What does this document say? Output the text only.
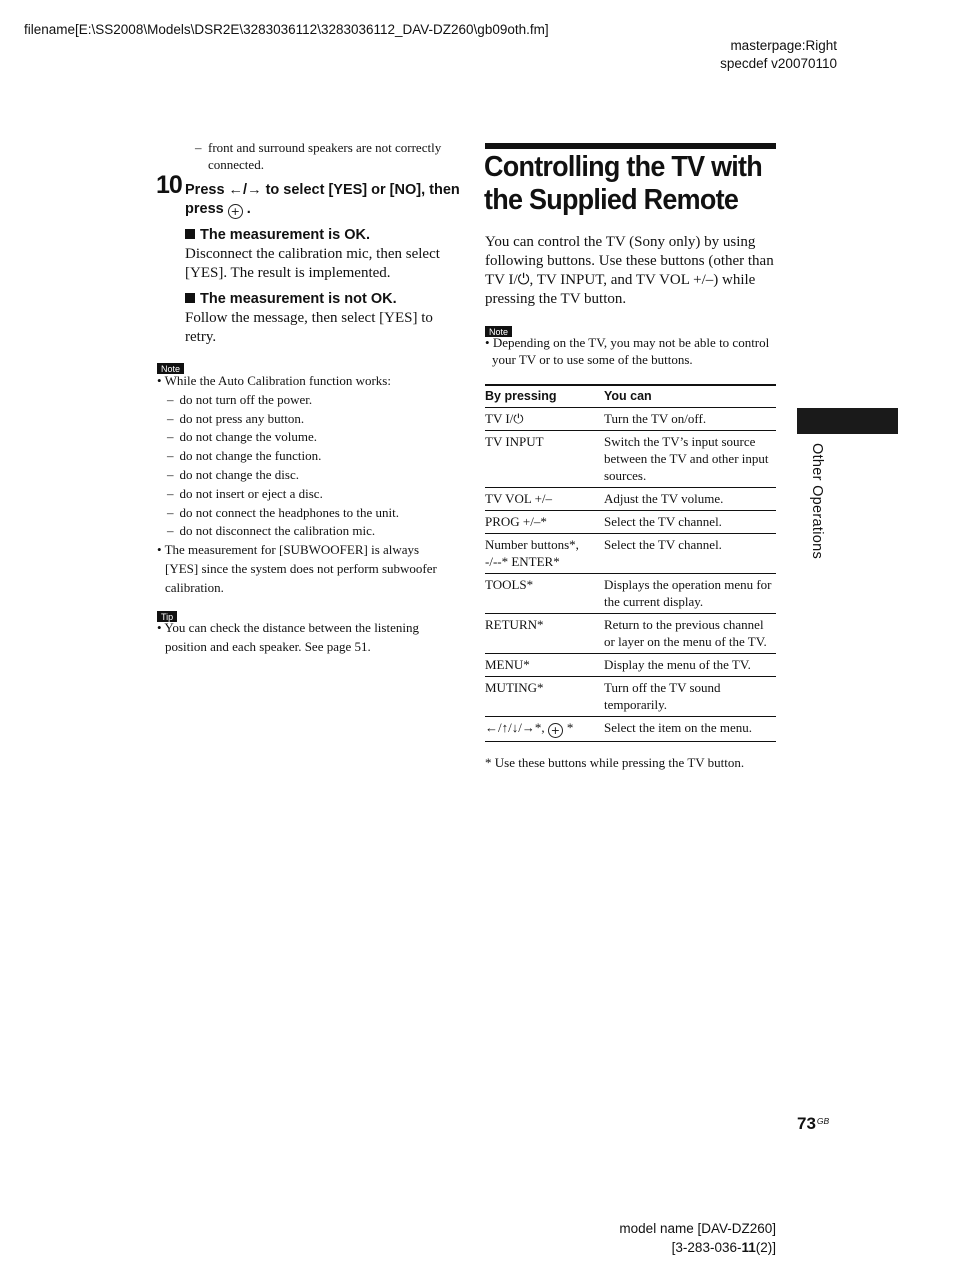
filename[E:\SS2008\Models\DSR2E\3283036112\3283036112_DAV-DZ260\gb09oth.fm]
masterpage:Right
specdef v20070110
– front and surround speakers are not correctly
connected.
10 Press ←/→ to select [YES] or [NO], then
press + .
The measurement is OK.
Disconnect the calibration mic, then select [YES]. The result is implemented.
The measurement is not OK.
Follow the message, then select [YES] to retry.
Note
• While the Auto Calibration function works:
– do not turn off the power.
– do not press any button.
– do not change the volume.
– do not change the function.
– do not change the disc.
– do not insert or eject a disc.
– do not connect the headphones to the unit.
– do not disconnect the calibration mic.
• The measurement for [SUBWOOFER] is always
[YES] since the system does not perform subwoofer
calibration.
Tip
• You can check the distance between the listening
position and each speaker. See page 51.
Controlling the TV with
the Supplied Remote
You can control the TV (Sony only) by using following buttons. Use these buttons (other than TV I/⏻, TV INPUT, and TV VOL +/–) while pressing the TV button.
Note
• Depending on the TV, you may not be able to control
your TV or to use some of the buttons.
By pressing	You can
TV I/⏻	Turn the TV on/off.
TV INPUT	Switch the TV’s input source between the TV and other input sources.
TV VOL +/–	Adjust the TV volume.
PROG +/–*	Select the TV channel.
Number buttons*, -/--* ENTER*	Select the TV channel.
TOOLS*	Displays the operation menu for the current display.
RETURN*	Return to the previous channel or layer on the menu of the TV.
MENU*	Display the menu of the TV.
MUTING*	Turn off the TV sound temporarily.
←/↑/↓/→*, + *	Select the item on the menu.
* Use these buttons while pressing the TV button.
Other Operations
$73^{GB}$
model name [DAV-DZ260]
[3-283-036-11(2)]
